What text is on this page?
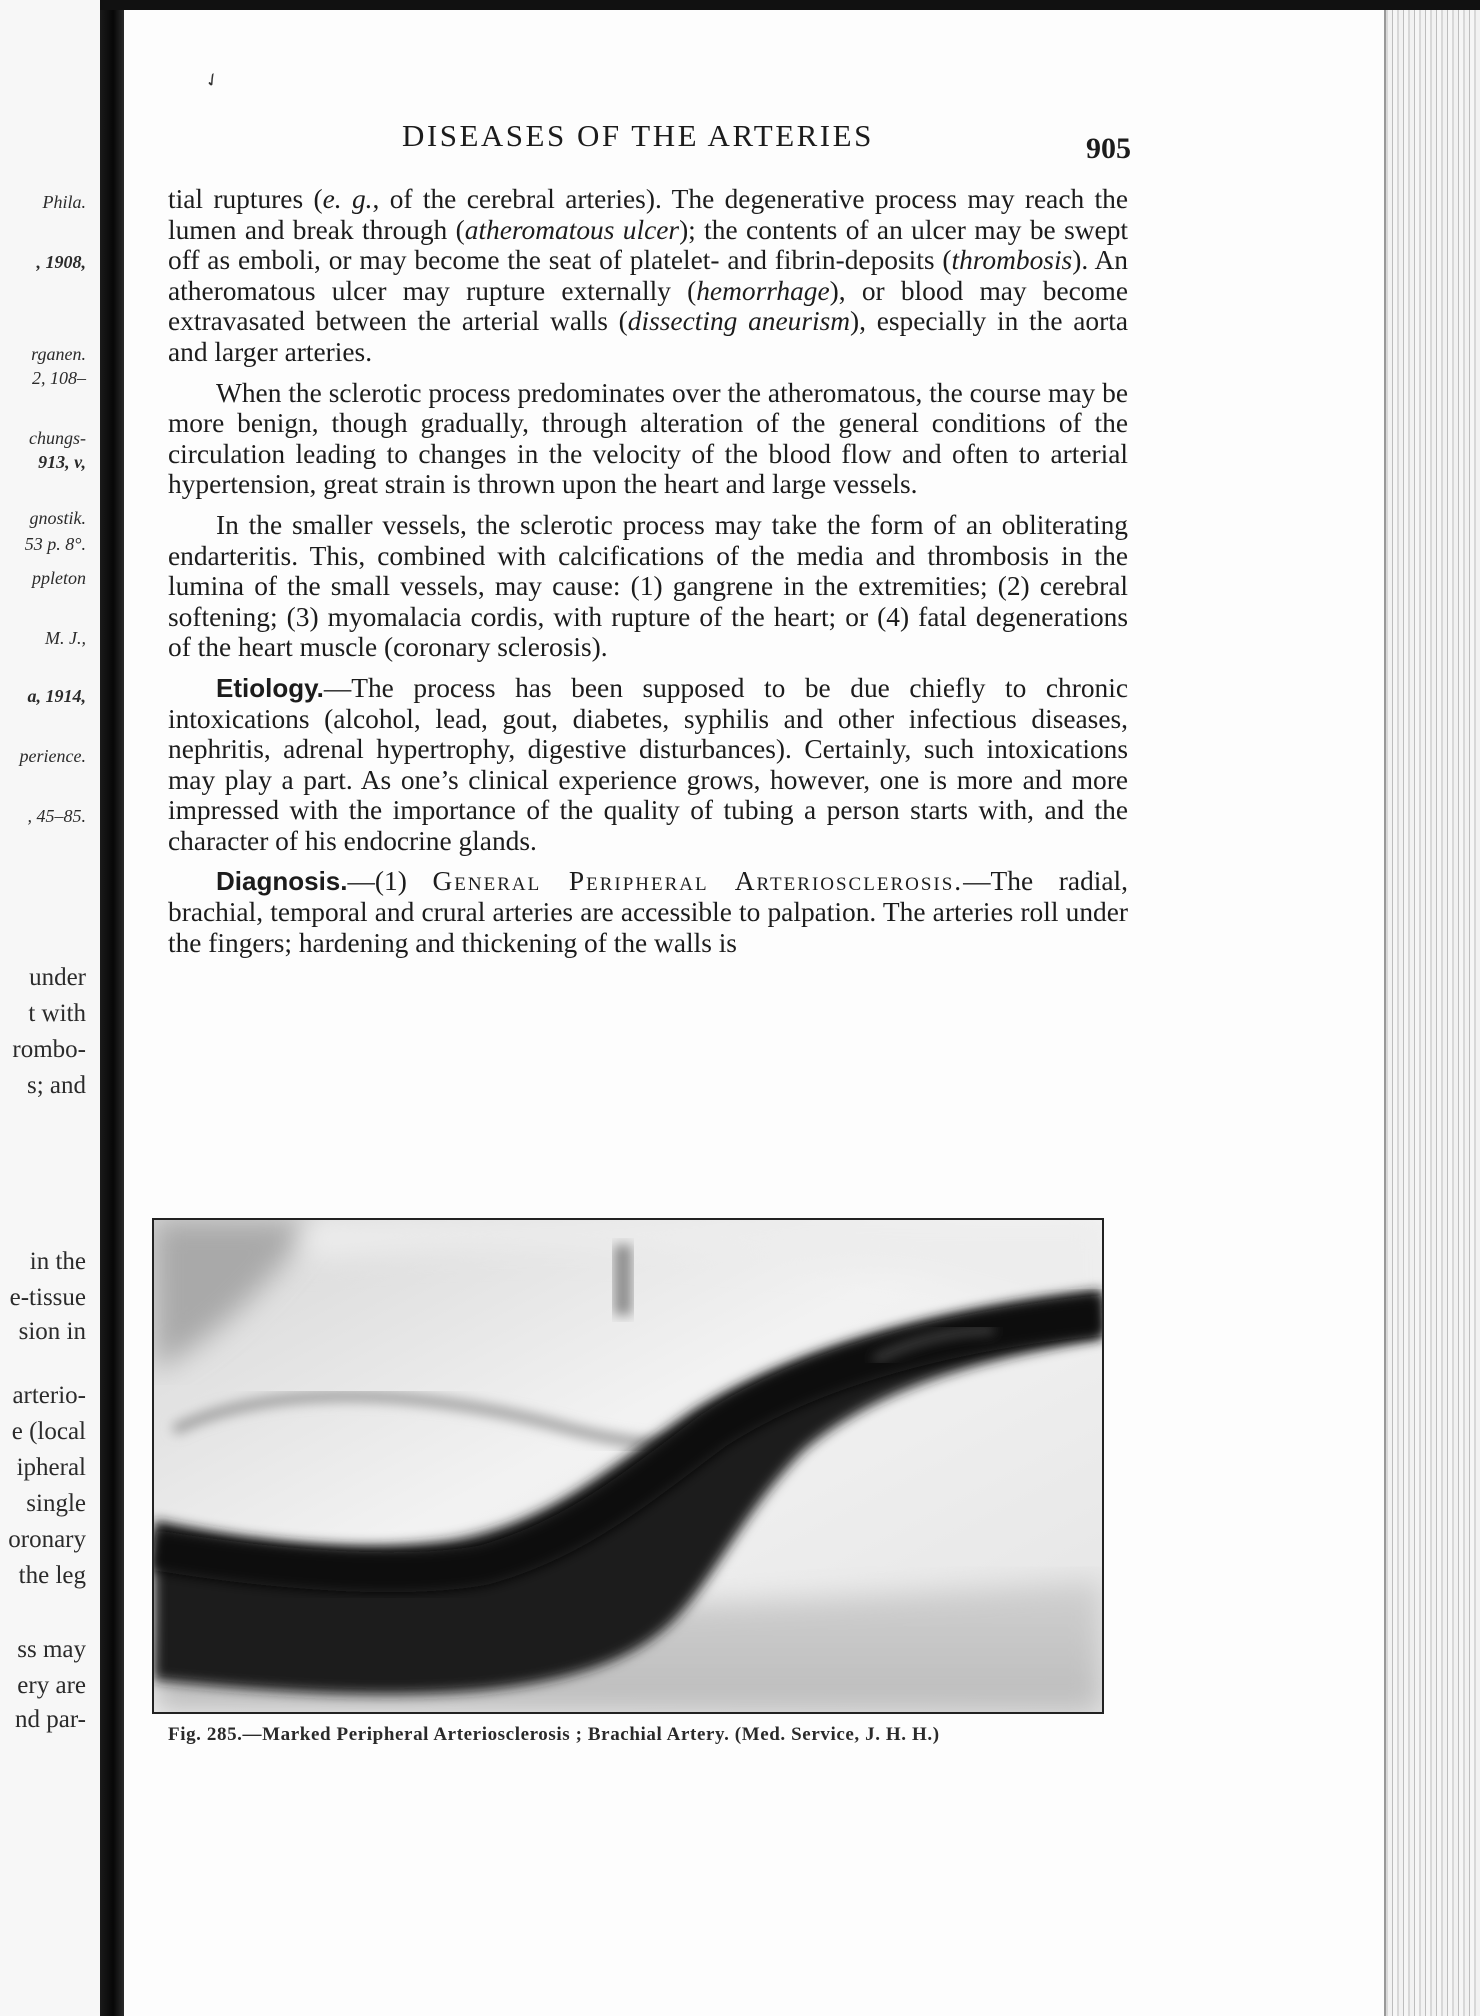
Phila.
, 1908,
rganen.
2, 108–
chungs-
913, v,
gnostik.
53 p. 8°.
ppleton
M. J.,
a, 1914,
perience.
, 45–85.
under
t with
rombo-
s; and
in the
e-tissue
sion in
arterio-
e (local
ipheral
single
oronary
the leg
ss may
ery are
nd par-
✓
DISEASES OF THE ARTERIES	905

tial ruptures (e. g., of the cerebral arteries). The degenerative process may reach the lumen and break through (atheromatous ulcer); the contents of an ulcer may be swept off as emboli, or may become the seat of platelet- and fibrin-deposits (thrombosis). An atheromatous ulcer may rupture externally (hemorrhage), or blood may become extravasated between the arterial walls (dissecting aneurism), especially in the aorta and larger arteries.

When the sclerotic process predominates over the atheromatous, the course may be more benign, though gradually, through alteration of the general conditions of the circulation leading to changes in the velocity of the blood flow and often to arterial hypertension, great strain is thrown upon the heart and large vessels.

In the smaller vessels, the sclerotic process may take the form of an obliterating endarteritis. This, combined with calcifications of the media and thrombosis in the lumina of the small vessels, may cause: (1) gangrene in the extremities; (2) cerebral softening; (3) myomalacia cordis, with rupture of the heart; or (4) fatal degenerations of the heart muscle (coronary sclerosis).

Etiology.—The process has been supposed to be due chiefly to chronic intoxications (alcohol, lead, gout, diabetes, syphilis and other infectious diseases, nephritis, adrenal hypertrophy, digestive disturbances). Certainly, such intoxications may play a part. As one’s clinical experience grows, however, one is more and more impressed with the importance of the quality of tubing a person starts with, and the character of his endocrine glands.

Diagnosis.—(1) General Peripheral Arteriosclerosis.—The radial, brachial, temporal and crural arteries are accessible to palpation. The arteries roll under the fingers; hardening and thickening of the walls is

Fig. 285.—Marked Peripheral Arteriosclerosis ; Brachial Artery. (Med. Service, J. H. H.)
